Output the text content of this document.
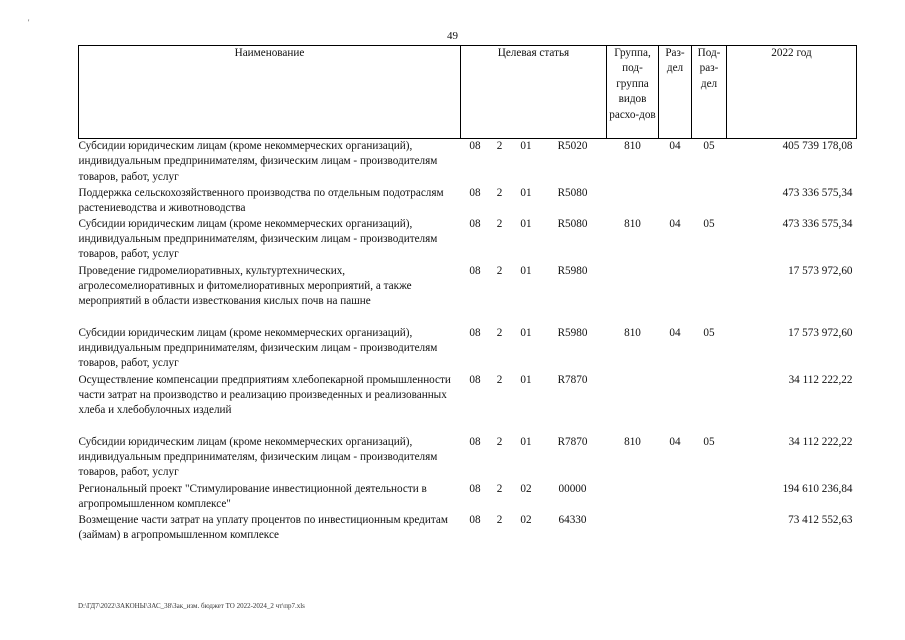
'
49
Наименование	Целевая статья	Группа, под-группа видов расхо-дов	Раз-дел	Под-раз-дел	2022 год
Субсидии юридическим лицам (кроме некоммерческих организаций), индивидуальным предпринимателям, физическим лицам - производителям товаров, работ, услуг	08 2 01 R5020	810	04	05	405 739 178,08
Поддержка сельскохозяйственного производства по отдельным подотраслям растениеводства и животноводства	08 2 01 R5080				473 336 575,34
Субсидии юридическим лицам (кроме некоммерческих организаций), индивидуальным предпринимателям, физическим лицам - производителям товаров, работ, услуг	08 2 01 R5080	810	04	05	473 336 575,34
Проведение гидромелиоративных, культуртехнических, агролесомелиоративных и фитомелиоративных мероприятий, а также мероприятий в области известкования кислых почв на пашне	08 2 01 R5980				17 573 972,60
Субсидии юридическим лицам (кроме некоммерческих организаций), индивидуальным предпринимателям, физическим лицам - производителям товаров, работ, услуг	08 2 01 R5980	810	04	05	17 573 972,60
Осуществление компенсации предприятиям хлебопекарной промышленности части затрат на производство и реализацию произведенных и реализованных хлеба и хлебобулочных изделий	08 2 01 R7870				34 112 222,22
Субсидии юридическим лицам (кроме некоммерческих организаций), индивидуальным предпринимателям, физическим лицам - производителям товаров, работ, услуг	08 2 01 R7870	810	04	05	34 112 222,22
Региональный проект "Стимулирование инвестиционной деятельности в агропромышленном комплексе"	08 2 02 00000				194 610 236,84
Возмещение части затрат на уплату процентов по инвестиционным кредитам (займам) в агропромышленном комплексе	08 2 02 64330				73 412 552,63
D:\ГД7\2022\ЗАКОНЫ\ЗАС_38\Зак_изм. бюджет ТО 2022-2024_2 чт\пр7.xls
